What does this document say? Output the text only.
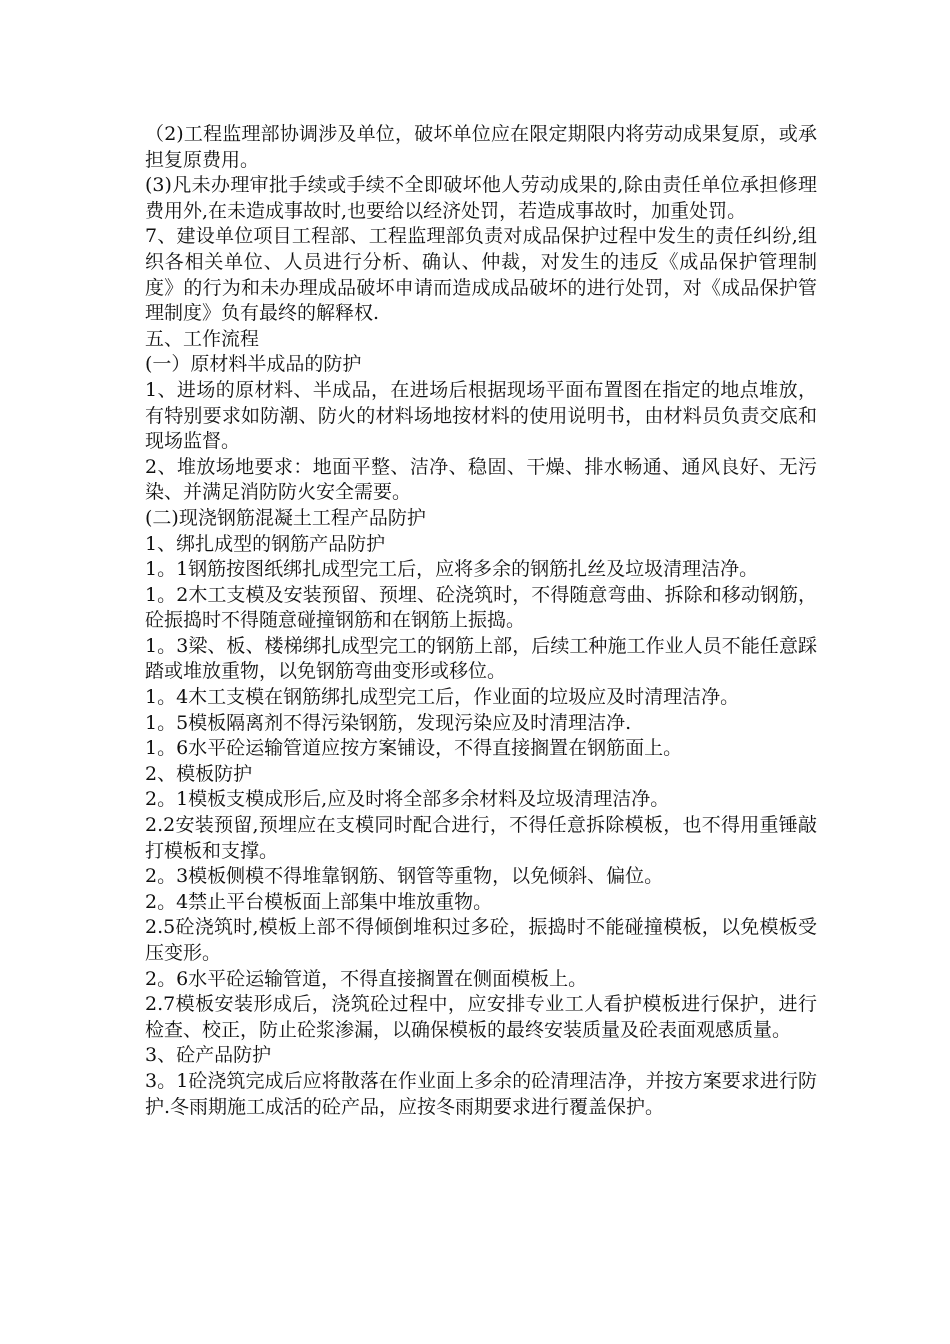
（2)工程监理部协调涉及单位，破坏单位应在限定期限内将劳动成果复原，或承担复原费用。

(3)凡未办理审批手续或手续不全即破坏他人劳动成果的,除由责任单位承担修理费用外,在未造成事故时,也要给以经济处罚，若造成事故时，加重处罚。

7、建设单位项目工程部、工程监理部负责对成品保护过程中发生的责任纠纷,组织各相关单位、人员进行分析、确认、仲裁，对发生的违反《成品保护管理制度》的行为和未办理成品破坏申请而造成成品破坏的进行处罚，对《成品保护管理制度》负有最终的解释权.

五、工作流程

(一）原材料半成品的防护

1、进场的原材料、半成品，在进场后根据现场平面布置图在指定的地点堆放，有特别要求如防潮、防火的材料场地按材料的使用说明书，由材料员负责交底和现场监督。

2、堆放场地要求：地面平整、洁净、稳固、干燥、排水畅通、通风良好、无污染、并满足消防防火安全需要。

(二)现浇钢筋混凝土工程产品防护

1、绑扎成型的钢筋产品防护

1。1钢筋按图纸绑扎成型完工后，应将多余的钢筋扎丝及垃圾清理洁净。

1。2木工支模及安装预留、预埋、砼浇筑时，不得随意弯曲、拆除和移动钢筋，砼振捣时不得随意碰撞钢筋和在钢筋上振捣。

1。3梁、板、楼梯绑扎成型完工的钢筋上部，后续工种施工作业人员不能任意踩踏或堆放重物，以免钢筋弯曲变形或移位。

1。4木工支模在钢筋绑扎成型完工后，作业面的垃圾应及时清理洁净。

1。5模板隔离剂不得污染钢筋，发现污染应及时清理洁净.

1。6水平砼运输管道应按方案铺设，不得直接搁置在钢筋面上。

2、模板防护

2。1模板支模成形后,应及时将全部多余材料及垃圾清理洁净。

2.2安装预留,预埋应在支模同时配合进行，不得任意拆除模板，也不得用重锤敲打模板和支撑。

2。3模板侧模不得堆靠钢筋、钢管等重物，以免倾斜、偏位。

2。4禁止平台模板面上部集中堆放重物。

2.5砼浇筑时,模板上部不得倾倒堆积过多砼，振捣时不能碰撞模板，以免模板受压变形。

2。6水平砼运输管道，不得直接搁置在侧面模板上。

2.7模板安装形成后，浇筑砼过程中，应安排专业工人看护模板进行保护，进行检查、校正，防止砼浆渗漏，以确保模板的最终安装质量及砼表面观感质量。

3、砼产品防护

3。1砼浇筑完成后应将散落在作业面上多余的砼清理洁净，并按方案要求进行防护.冬雨期施工成活的砼产品，应按冬雨期要求进行覆盖保护。
